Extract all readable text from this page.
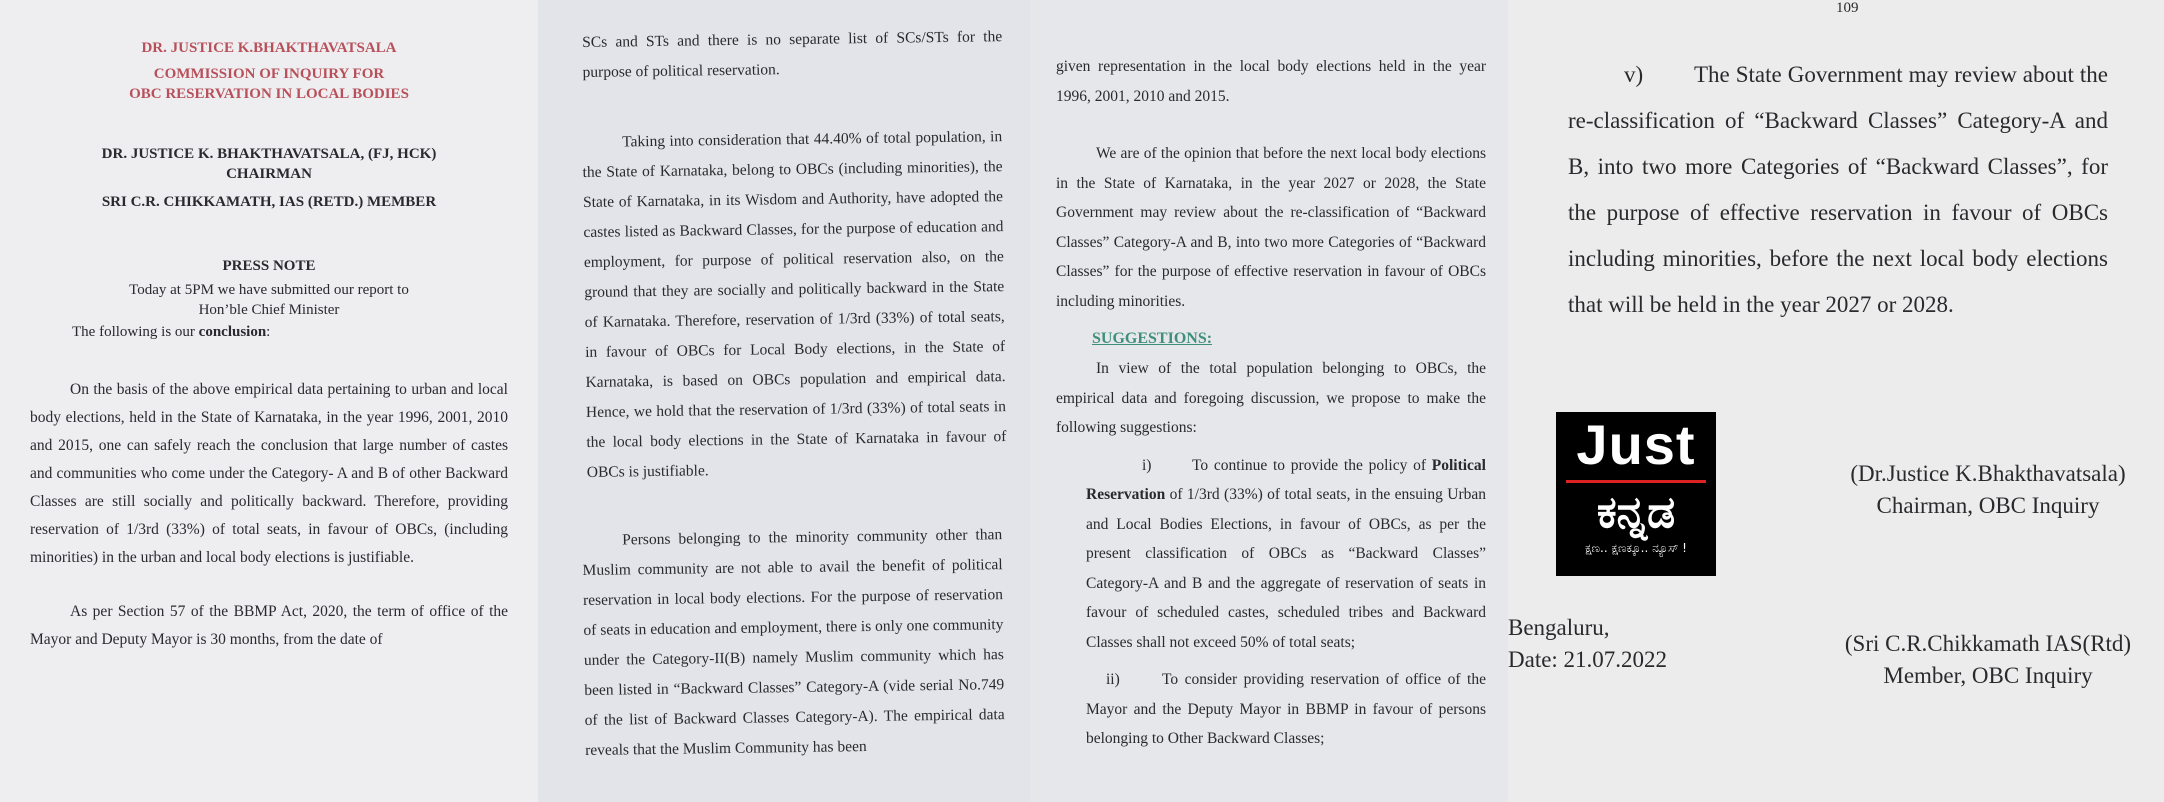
DR. JUSTICE K.BHAKTHAVATSALA
COMMISSION OF INQUIRY FOR
OBC RESERVATION IN LOCAL BODIES
DR. JUSTICE K. BHAKTHAVATSALA, (FJ, HCK)
CHAIRMAN
SRI C.R. CHIKKAMATH, IAS (RETD.) MEMBER
PRESS NOTE
Today at 5PM we have submitted our report to Hon’ble Chief Minister
The following is our conclusion:

On the basis of the above empirical data pertaining to urban and local body elections, held in the State of Karnataka, in the year 1996, 2001, 2010 and 2015, one can safely reach the conclusion that large number of castes and communities who come under the Category- A and B of other Backward Classes are still socially and politically backward. Therefore, providing reservation of 1/3rd (33%) of total seats, in favour of OBCs, (including minorities) in the urban and local body elections is justifiable.

As per Section 57 of the BBMP Act, 2020, the term of office of the Mayor and Deputy Mayor is 30 months, from the date of

SCs and STs and there is no separate list of SCs/STs for the purpose of political reservation.

Taking into consideration that 44.40% of total population, in the State of Karnataka, belong to OBCs (including minorities), the State of Karnataka, in its Wisdom and Authority, have adopted the castes listed as Backward Classes, for the purpose of education and employment, for purpose of political reservation also, on the ground that they are socially and politically backward in the State of Karnataka. Therefore, reservation of 1/3rd (33%) of total seats, in favour of OBCs for Local Body elections, in the State of Karnataka, is based on OBCs population and empirical data. Hence, we hold that the reservation of 1/3rd (33%) of total seats in the local body elections in the State of Karnataka in favour of OBCs is justifiable.

Persons belonging to the minority community other than Muslim community are not able to avail the benefit of political reservation in local body elections. For the purpose of reservation of seats in education and employment, there is only one community under the Category-II(B) namely Muslim community which has been listed in “Backward Classes” Category-A (vide serial No.749 of the list of Backward Classes Category-A). The empirical data reveals that the Muslim Community has been

given representation in the local body elections held in the year 1996, 2001, 2010 and 2015.

We are of the opinion that before the next local body elections in the State of Karnataka, in the year 2027 or 2028, the State Government may review about the re-classification of “Backward Classes” Category-A and B, into two more Categories of “Backward Classes” for the purpose of effective reservation in favour of OBCs including minorities.

SUGGESTIONS:

In view of the total population belonging to OBCs, the empirical data and foregoing discussion, we propose to make the following suggestions:

i)	To continue to provide the policy of Political Reservation of 1/3rd (33%) of total seats, in the ensuing Urban and Local Bodies Elections, in favour of OBCs, as per the present classification of OBCs as “Backward Classes” Category-A and B and the aggregate of reservation of seats in favour of scheduled castes, scheduled tribes and Backward Classes shall not exceed 50% of total seats;

ii)	To consider providing reservation of office of the Mayor and the Deputy Mayor in BBMP in favour of persons belonging to Other Backward Classes;

109

v) The State Government may review about the re-classification of “Backward Classes” Category-A and B, into two more Categories of “Backward Classes”, for the purpose of effective reservation in favour of OBCs including minorities, before the next local body elections that will be held in the year 2027 or 2028.

Just
ಕನ್ನಡ
ಕ್ಷಣ.. ಕ್ಷಣಕ್ಕೂ.. ನ್ಯೂಸ್ !
(Dr.Justice K.Bhakthavatsala)
Chairman, OBC Inquiry
Bengaluru,
Date: 21.07.2022
(Sri C.R.Chikkamath IAS(Rtd)
Member, OBC Inquiry
